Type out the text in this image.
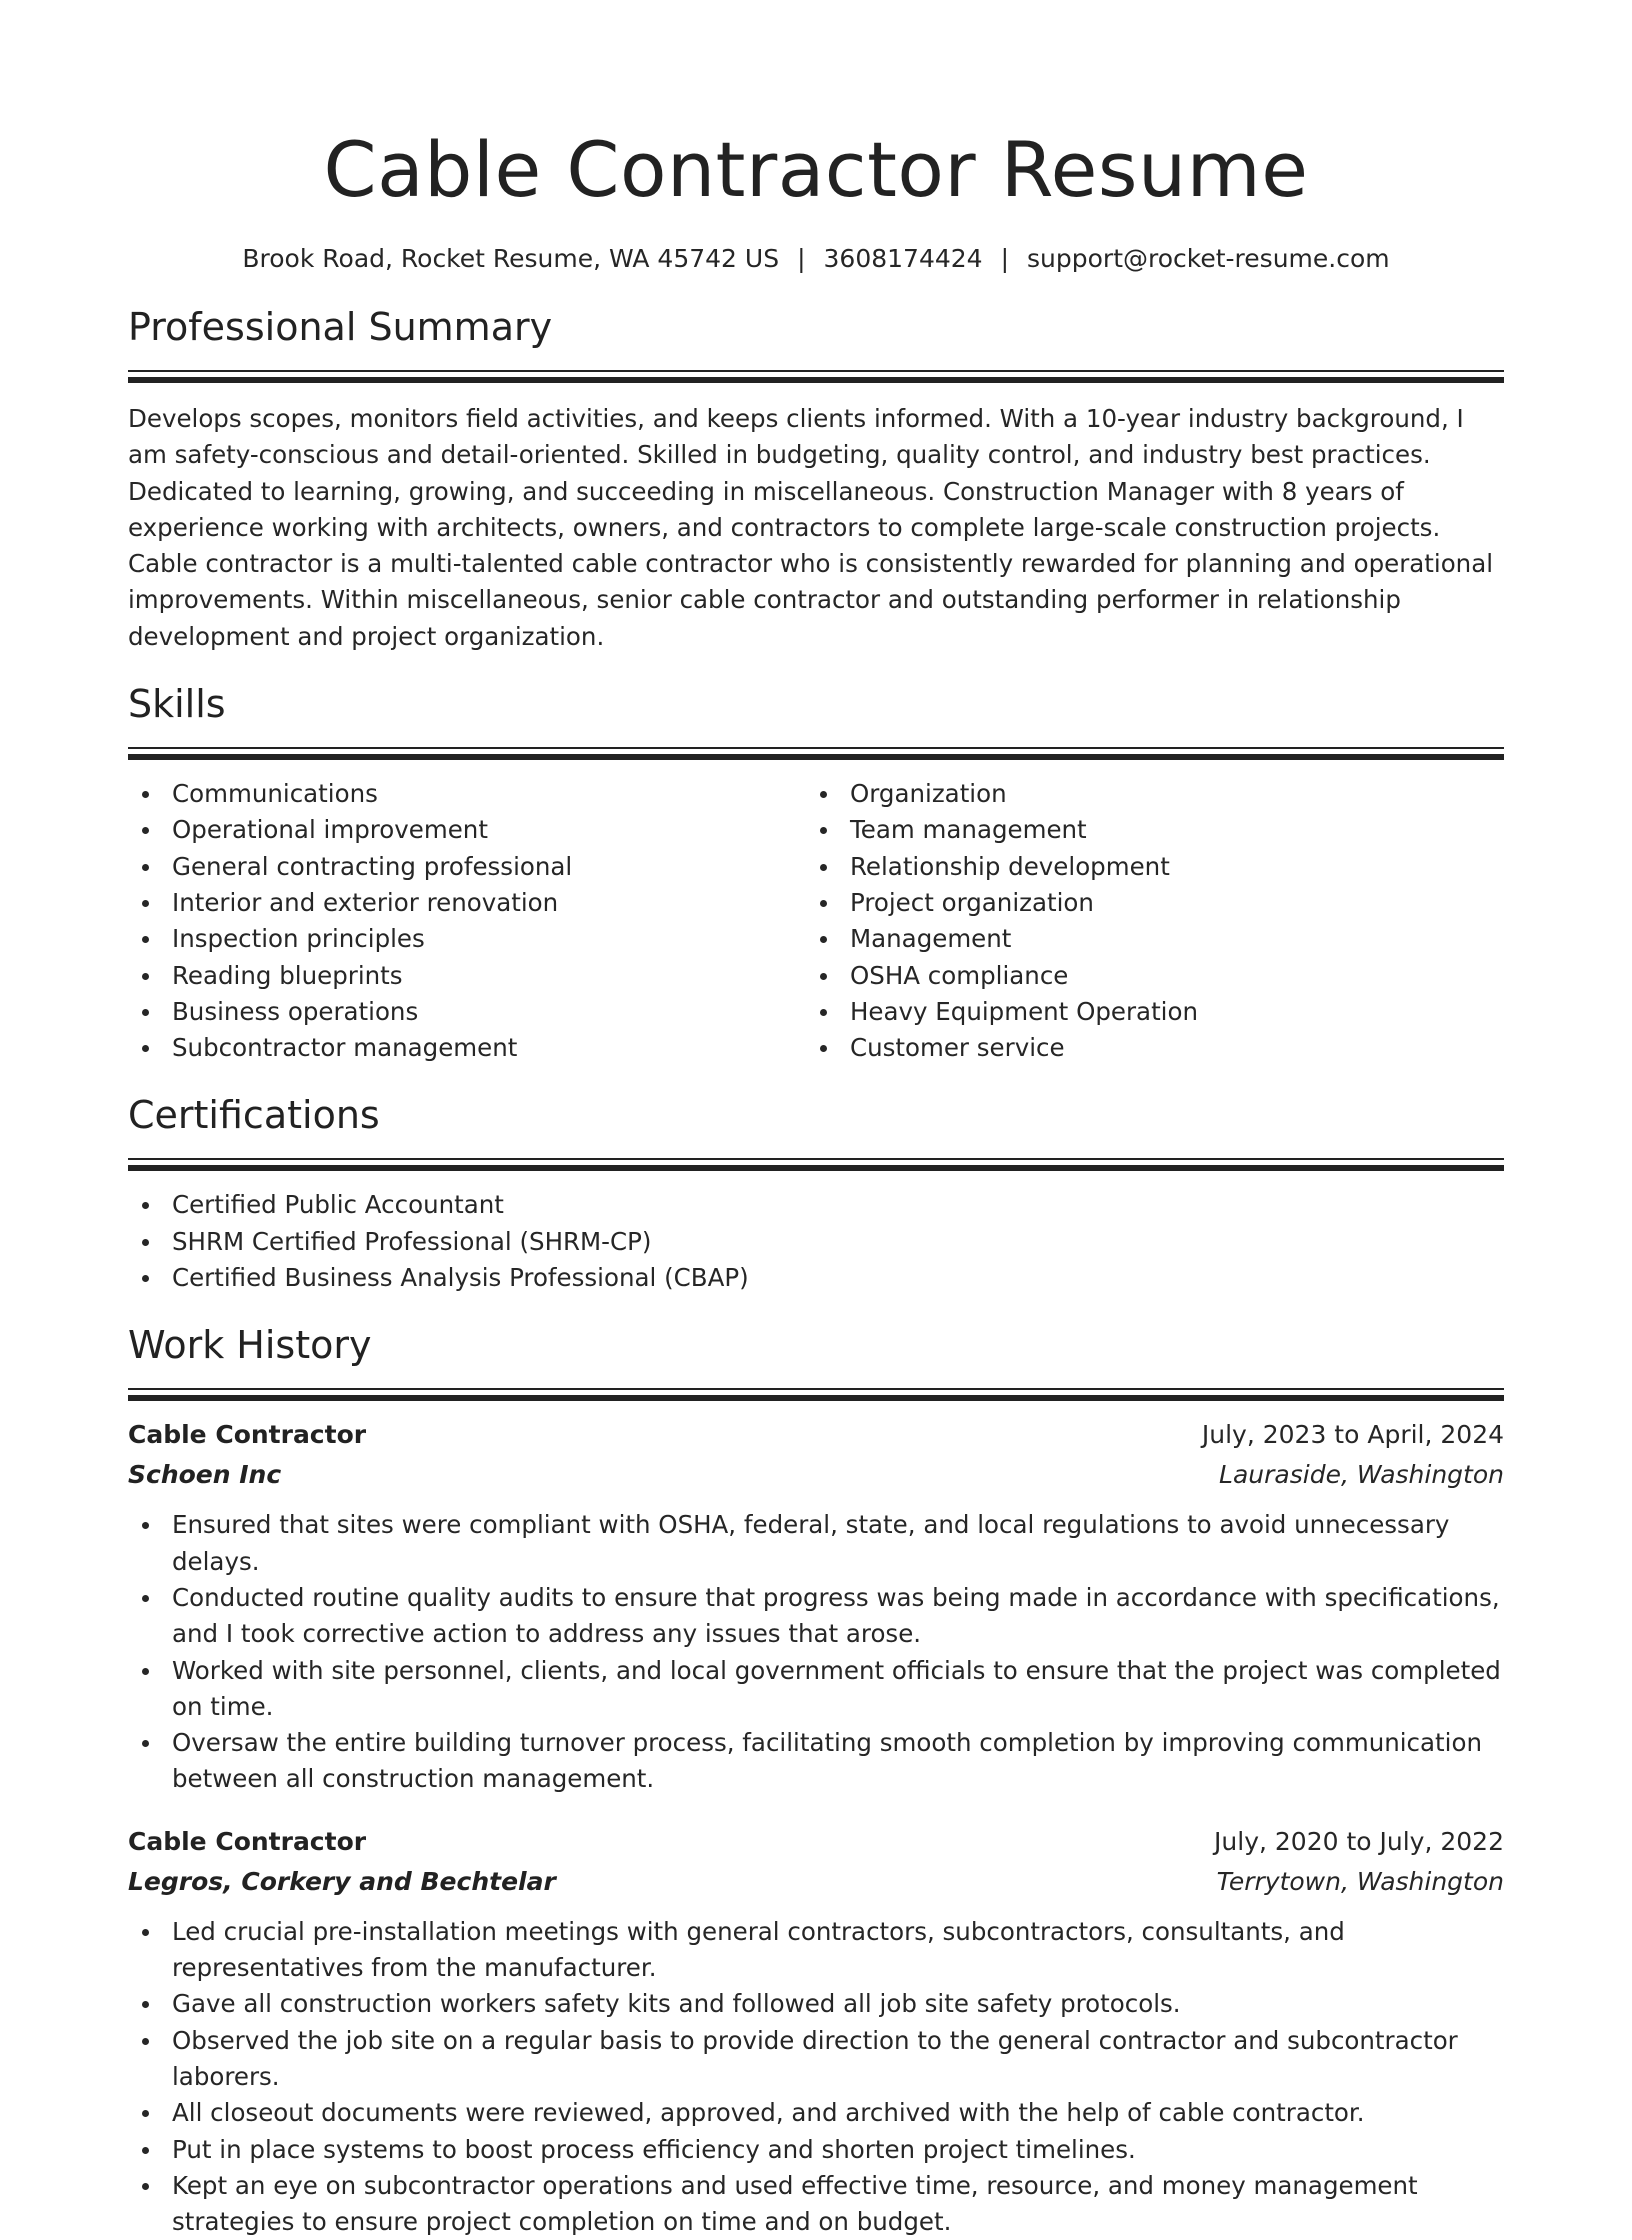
Cable Contractor Resume
Brook Road, Rocket Resume, WA 45742 US | 3608174424 | support@rocket-resume.com
Professional Summary
Develops scopes, monitors field activities, and keeps clients informed. With a 10-year industry background, I am safety-conscious and detail-oriented. Skilled in budgeting, quality control, and industry best practices. Dedicated to learning, growing, and succeeding in miscellaneous. Construction Manager with 8 years of experience working with architects, owners, and contractors to complete large-scale construction projects. Cable contractor is a multi-talented cable contractor who is consistently rewarded for planning and operational improvements. Within miscellaneous, senior cable contractor and outstanding performer in relationship development and project organization.
Skills
Communications
Operational improvement
General contracting professional
Interior and exterior renovation
Inspection principles
Reading blueprints
Business operations
Subcontractor management
Organization
Team management
Relationship development
Project organization
Management
OSHA compliance
Heavy Equipment Operation
Customer service
Certifications
Certified Public Accountant
SHRM Certified Professional (SHRM-CP)
Certified Business Analysis Professional (CBAP)
Work History
Cable Contractor	July, 2023 to April, 2024
Schoen Inc	Lauraside, Washington
Ensured that sites were compliant with OSHA, federal, state, and local regulations to avoid unnecessary delays.
Conducted routine quality audits to ensure that progress was being made in accordance with specifications, and I took corrective action to address any issues that arose.
Worked with site personnel, clients, and local government officials to ensure that the project was completed on time.
Oversaw the entire building turnover process, facilitating smooth completion by improving communication between all construction management.
Cable Contractor	July, 2020 to July, 2022
Legros, Corkery and Bechtelar	Terrytown, Washington
Led crucial pre-installation meetings with general contractors, subcontractors, consultants, and representatives from the manufacturer.
Gave all construction workers safety kits and followed all job site safety protocols.
Observed the job site on a regular basis to provide direction to the general contractor and subcontractor laborers.
All closeout documents were reviewed, approved, and archived with the help of cable contractor.
Put in place systems to boost process efficiency and shorten project timelines.
Kept an eye on subcontractor operations and used effective time, resource, and money management strategies to ensure project completion on time and on budget.
